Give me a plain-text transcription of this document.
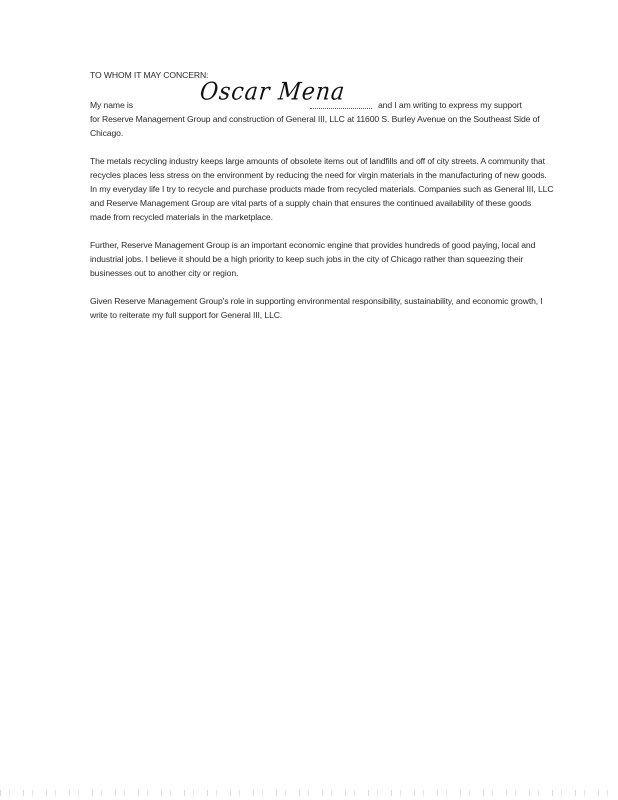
TO WHOM IT MAY CONCERN:

My name is	Oscar Mena	and I am writing to express my support

for Reserve Management Group and construction of General III, LLC at 11600 S. Burley Avenue on the Southeast Side of Chicago.

The metals recycling industry keeps large amounts of obsolete items out of landfills and off of city streets. A community that recycles places less stress on the environment by reducing the need for virgin materials in the manufacturing of new goods. In my everyday life I try to recycle and purchase products made from recycled materials. Companies such as General III, LLC and Reserve Management Group are vital parts of a supply chain that ensures the continued availability of these goods made from recycled materials in the marketplace.

Further, Reserve Management Group is an important economic engine that provides hundreds of good paying, local and industrial jobs. I believe it should be a high priority to keep such jobs in the city of Chicago rather than squeezing their businesses out to another city or region.

Given Reserve Management Group's role in supporting environmental responsibility, sustainability, and economic growth, I write to reiterate my full support for General III, LLC.
